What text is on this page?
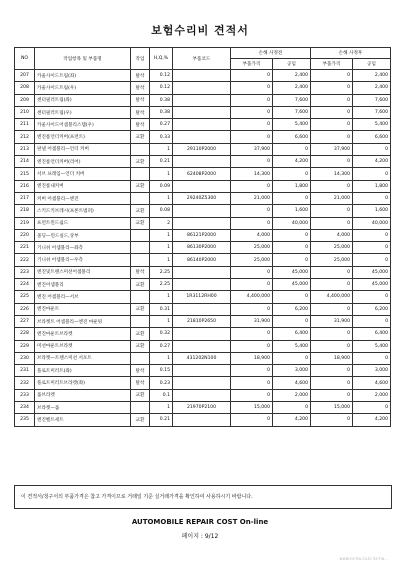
보험수리비 견적서
NO	작업항목 및 부품명	작업	H,Q,%	부품코드	손해 사정전		손해 사정후	
					부품가격	공임	부품가격	공임
207	카울사이드트림(좌)	탈착	0.12		0	2,400	0	2,400
208	카울사이드트림(우)	탈착	0.12		0	2,400	0	2,400
209	센터필러트림(좌)	탈착	0.38		0	7,600	0	7,600
210	센터필러트림(우)	탈착	0.38		0	7,600	0	7,600
211	카울사이드어셈블리스텝(우)	탈착	0.27		0	5,400	0	5,400
212	엔진룸언더커버(프런트)	교환	0.33		0	6,600	0	6,600
213	판넬 어셈블리—언더 커버		1	29110P2000	37,900	0	37,900	0
214	엔진룸언더커버(리어)	교환	0.21		0	4,200	0	4,200
215	서브 프레임—언더 커버		1	62408P2000	14,300	0	14,300	0
216	엔진룸내커버	교환	0.09		0	1,800	0	1,800
217	커버 어셈블리—엔진		1	29240Z5300	21,000	0	21,000	0
218	스키드키브레시(프론트범퍼)	교환	0.08		0	1,600	0	1,600
219	프런트윈드쉴드	교환	2		0	40,000	0	40,000
220	몰딩—윈드실드,상부		1	86121P2000	4,000	0	4,000	0
221	기니쉬 어셈블리—좌측		1	86130P2000	25,000	0	25,000	0
222	기니쉬 어셈블리—우측		1	86140P2000	25,000	0	25,000	0
223	엔진및트랜스미션어셈블리	탈착	2.25		0	45,000	0	45,000
224	엔진어셈블리	교환	2.25		0	45,000	0	45,000
225	엔진 어셈블리—서브		1	1R3112RH00	4,400,000	0	4,400,000	0
226	엔진마운트	교환	0.31		0	6,200	0	6,200
227	브라켓트 어셈블리—엔진 마운팅		1	21810P2650	31,900	0	31,900	0
228	엔진마운트브라켓	교환	0.32		0	6,400	0	6,400
229	미션마운트브라켓	교환	0.27		0	5,400	0	5,400
230	브라켓—트랜스미션 서포트		1	431202N100	18,900	0	18,900	0
231	플로트미러트(좌)	탈착	0.15		0	3,000	0	3,000
232	플로트미러트브라켓(좌)	탈착	0.23		0	4,600	0	4,600
233	롤브라켓	교환	0.1		0	2,000	0	2,000
234	브라켓—롤		1	21970P2100	15,000	0	15,000	0
235	엔진벨트세트	교환	0.21		0	4,200	0	4,200
이 견적서/청구서의 부품가격은 참고 가격이므로 거래일 기준 실거래가격을 확인하여 사용하시기 바랍니다.
AUTOMOBILE REPAIR COST On-line
페이지 : 9/12
www.ns-ha.co.kr ks-ha...
